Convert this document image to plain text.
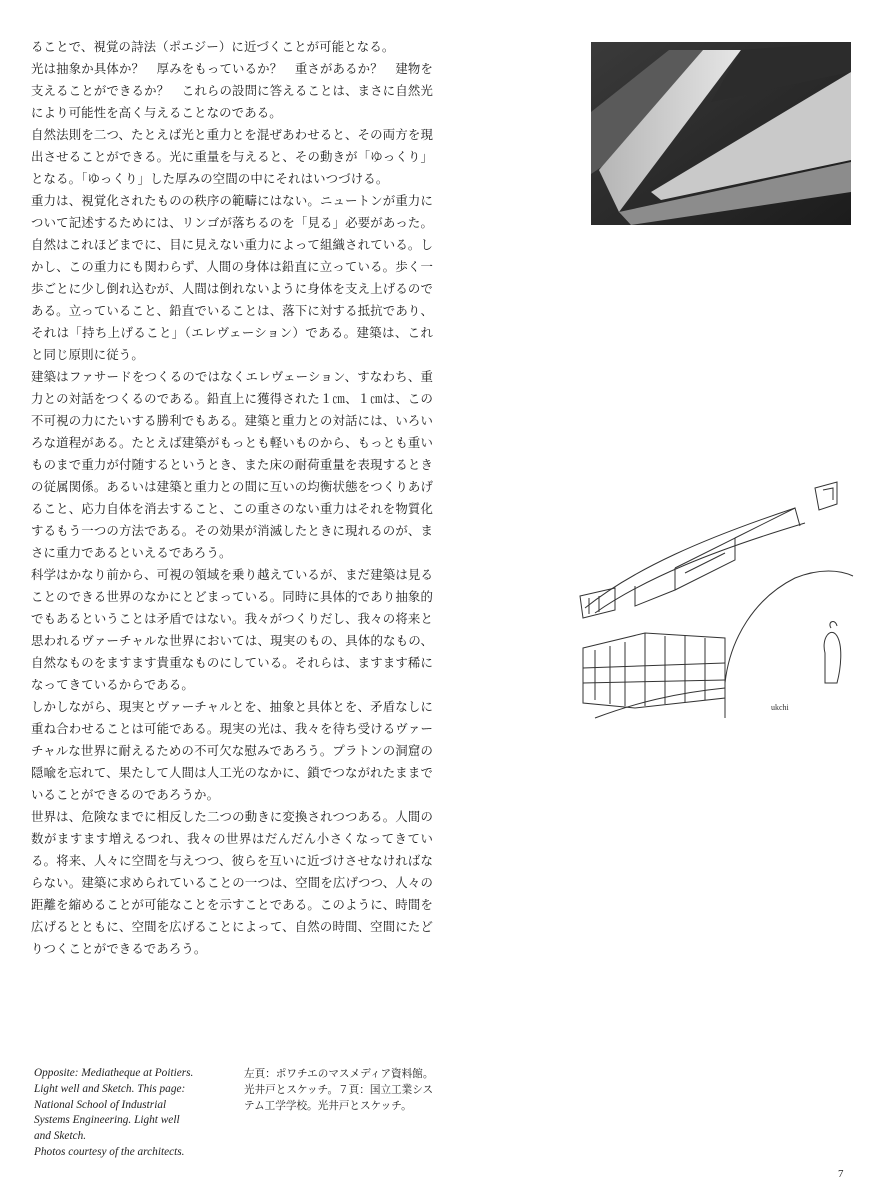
ることで、視覚の詩法（ポエジー）に近づくことが可能となる。

光は抽象か具体か？　厚みをもっているか？　重さがあるか？　建物を支えることができるか？　これらの設問に答えることは、まさに自然光により可能性を高く与えることなのである。

自然法則を二つ、たとえば光と重力とを混ぜあわせると、その両方を現出させることができる。光に重量を与えると、その動きが「ゆっくり」となる。「ゆっくり」した厚みの空間の中にそれはいつづける。

重力は、視覚化されたものの秩序の範疇にはない。ニュートンが重力について記述するためには、リンゴが落ちるのを「見る」必要があった。自然はこれほどまでに、目に見えない重力によって組織されている。しかし、この重力にも関わらず、人間の身体は鉛直に立っている。歩く一歩ごとに少し倒れ込むが、人間は倒れないように身体を支え上げるのである。立っていること、鉛直でいることは、落下に対する抵抗であり、それは「持ち上げること」（エレヴェーション）である。建築は、これと同じ原則に従う。

建築はファサードをつくるのではなくエレヴェーション、すなわち、重力との対話をつくるのである。鉛直上に獲得された１㎝、１㎝は、この不可視の力にたいする勝利でもある。建築と重力との対話には、いろいろな道程がある。たとえば建築がもっとも軽いものから、もっとも重いものまで重力が付随するというとき、また床の耐荷重量を表現するときの従属関係。あるいは建築と重力との間に互いの均衡状態をつくりあげること、応力自体を消去すること、この重さのない重力はそれを物質化するもう一つの方法である。その効果が消滅したときに現れるのが、まさに重力であるといえるであろう。

科学はかなり前から、可視の領域を乗り越えているが、まだ建築は見ることのできる世界のなかにとどまっている。同時に具体的であり抽象的でもあるということは矛盾ではない。我々がつくりだし、我々の将来と思われるヴァーチャルな世界においては、現実のもの、具体的なもの、自然なものをますます貴重なものにしている。それらは、ますます稀になってきているからである。

しかしながら、現実とヴァーチャルとを、抽象と具体とを、矛盾なしに重ね合わせることは可能である。現実の光は、我々を待ち受けるヴァーチャルな世界に耐えるための不可欠な慰みであろう。プラトンの洞窟の隠喩を忘れて、果たして人間は人工光のなかに、鎖でつながれたままでいることができるのであろうか。

世界は、危険なまでに相反した二つの動きに変換されつつある。人間の数がますます増えるつれ、我々の世界はだんだん小さくなってきている。将来、人々に空間を与えつつ、彼らを互いに近づけさせなければならない。建築に求められていることの一つは、空間を広げつつ、人々の距離を縮めることが可能なことを示すことである。このように、時間を広げるとともに、空間を広げることによって、自然の時間、空間にたどりつくことができるであろう。

ukchi

Opposite: Mediatheque at Poitiers.

Light well and Sketch. This page:

National School of Industrial

Systems Engineering. Light well

and Sketch.

Photos courtesy of the architects.

左頁：ポワチエのマスメディア資料館。

光井戸とスケッチ。７頁：国立工業シス

テム工学学校。光井戸とスケッチ。

7
